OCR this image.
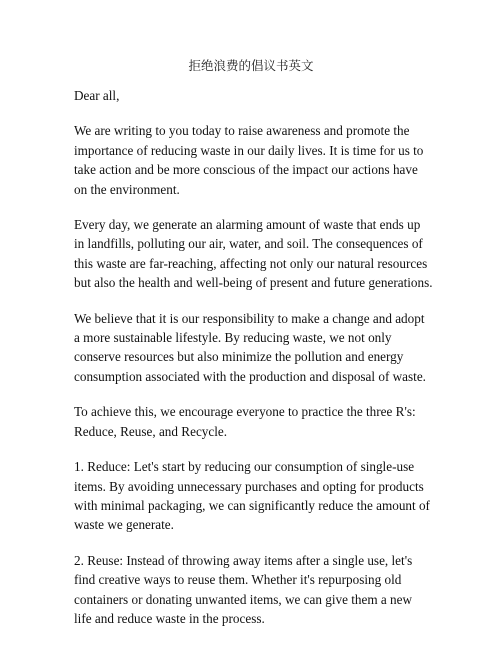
拒绝浪费的倡议书英文

Dear all,

We are writing to you today to raise awareness and promote the
importance of reducing waste in our daily lives. It is time for us to
take action and be more conscious of the impact our actions have
on the environment.

Every day, we generate an alarming amount of waste that ends up
in landfills, polluting our air, water, and soil. The consequences of
this waste are far-reaching, affecting not only our natural resources
but also the health and well-being of present and future generations.

We believe that it is our responsibility to make a change and adopt
a more sustainable lifestyle. By reducing waste, we not only
conserve resources but also minimize the pollution and energy
consumption associated with the production and disposal of waste.

To achieve this, we encourage everyone to practice the three R's:
Reduce, Reuse, and Recycle.

1. Reduce: Let's start by reducing our consumption of single-use
items. By avoiding unnecessary purchases and opting for products
with minimal packaging, we can significantly reduce the amount of
waste we generate.

2. Reuse: Instead of throwing away items after a single use, let's
find creative ways to reuse them. Whether it's repurposing old
containers or donating unwanted items, we can give them a new
life and reduce waste in the process.
